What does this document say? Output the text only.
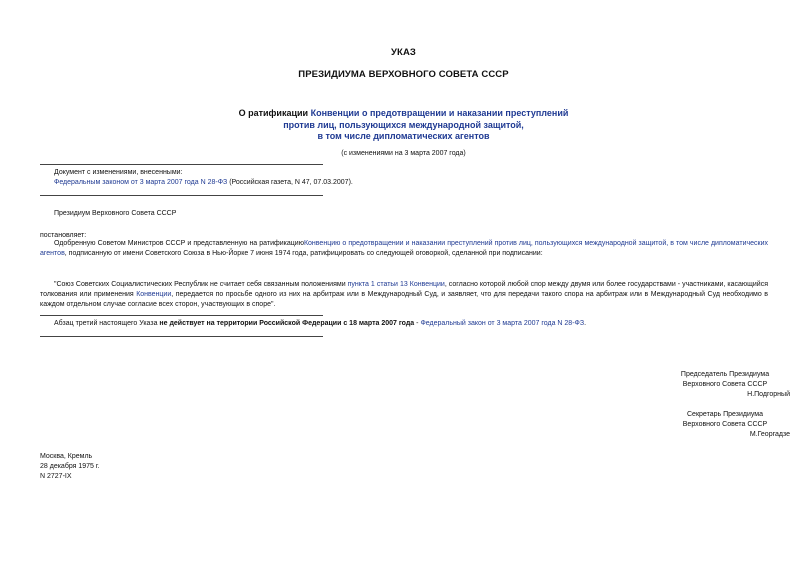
УКАЗ
ПРЕЗИДИУМА ВЕРХОВНОГО СОВЕТА СССР
О ратификации Конвенции о предотвращении и наказании преступлений
против лиц, пользующихся международной защитой,
в том числе дипломатических агентов
(с изменениями на 3 марта 2007 года)
Документ с изменениями, внесенными:
Федеральным законом от 3 марта 2007 года N 28-ФЗ (Российская газета, N 47, 07.03.2007).
Президиум Верховного Совета СССР
постановляет:
Одобренную Советом Министров СССР и представленную на ратификациюКонвенцию о предотвращении и наказании преступлений против лиц, пользующихся международной защитой, в том числе дипломатических агентов, подписанную от имени Советского Союза в Нью-Йорке 7 июня 1974 года, ратифицировать со следующей оговоркой, сделанной при подписании:
"Союз Советских Социалистических Республик не считает себя связанным положениями пункта 1 статьи 13 Конвенции, согласно которой любой спор между двумя или более государствами - участниками, касающийся толкования или применения Конвенции, передается по просьбе одного из них на арбитраж или в Международный Суд, и заявляет, что для передачи такого спора на арбитраж или в Международный Суд необходимо в каждом отдельном случае согласие всех сторон, участвующих в споре".
Абзац третий настоящего Указа не действует на территории Российской Федерации с 18 марта 2007 года - Федеральный закон от 3 марта 2007 года N 28-ФЗ.
Председатель Президиума
Верховного Совета СССР
Н.Подгорный
Секретарь Президиума
Верховного Совета СССР
М.Георгадзе
Москва, Кремль
28 декабря 1975 г.
N 2727-IX
